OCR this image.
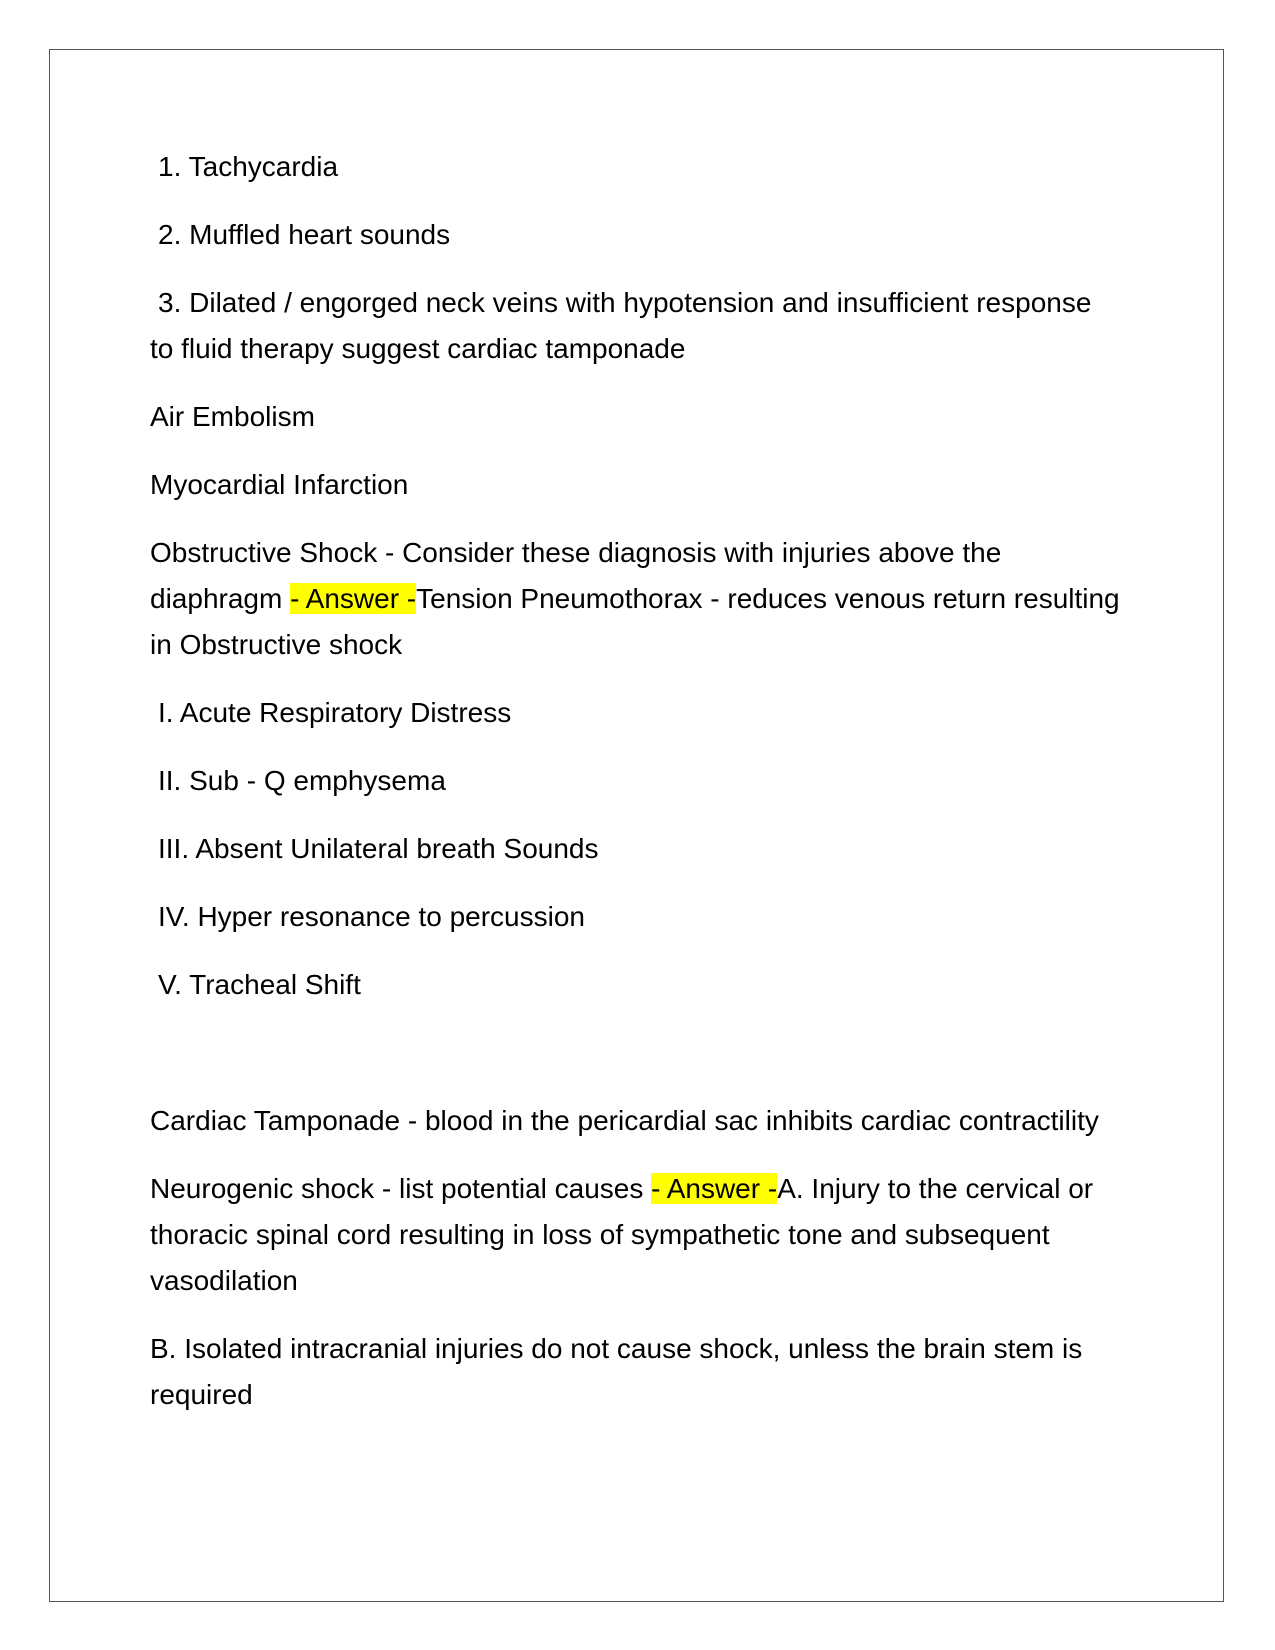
1. Tachycardia

2. Muffled heart sounds

3. Dilated / engorged neck veins with hypotension and insufficient response to fluid therapy suggest cardiac tamponade

Air Embolism

Myocardial Infarction

Obstructive Shock - Consider these diagnosis with injuries above the diaphragm - Answer -Tension Pneumothorax - reduces venous return resulting in Obstructive shock

I. Acute Respiratory Distress

II. Sub - Q emphysema

III. Absent Unilateral breath Sounds

IV. Hyper resonance to percussion

V. Tracheal Shift

Cardiac Tamponade - blood in the pericardial sac inhibits cardiac contractility

Neurogenic shock - list potential causes - Answer -A. Injury to the cervical or thoracic spinal cord resulting in loss of sympathetic tone and subsequent vasodilation

B. Isolated intracranial injuries do not cause shock, unless the brain stem is required
